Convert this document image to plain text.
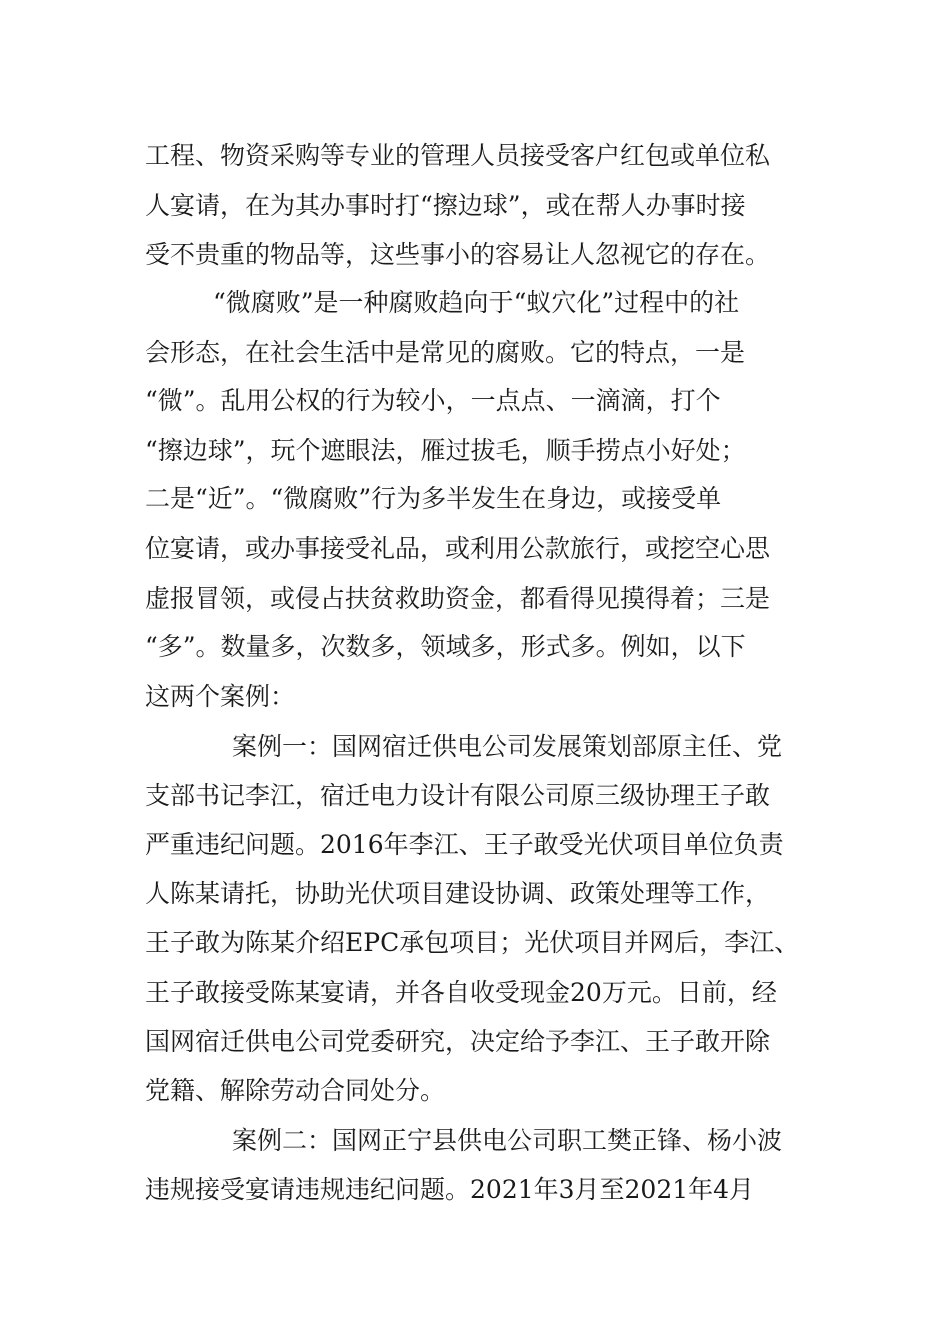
工程、物资采购等专业的管理人员接受客户红包或单位私
人宴请，在为其办事时打“擦边球”，或在帮人办事时接
受不贵重的物品等，这些事小的容易让人忽视它的存在。
“微腐败”是一种腐败趋向于“蚁穴化”过程中的社
会形态，在社会生活中是常见的腐败。它的特点，一是
“微”。乱用公权的行为较小，一点点、一滴滴，打个
“擦边球”，玩个遮眼法，雁过拔毛，顺手捞点小好处；
二是“近”。“微腐败”行为多半发生在身边，或接受单
位宴请，或办事接受礼品，或利用公款旅行，或挖空心思
虚报冒领，或侵占扶贫救助资金，都看得见摸得着；三是
“多”。数量多，次数多，领域多，形式多。例如，以下
这两个案例：
案例一：国网宿迁供电公司发展策划部原主任、党
支部书记李江，宿迁电力设计有限公司原三级协理王子敢
严重违纪问题。2016年李江、王子敢受光伏项目单位负责
人陈某请托，协助光伏项目建设协调、政策处理等工作，
王子敢为陈某介绍EPC承包项目；光伏项目并网后，李江、
王子敢接受陈某宴请，并各自收受现金20万元。日前，经
国网宿迁供电公司党委研究，决定给予李江、王子敢开除
党籍、解除劳动合同处分。
案例二：国网正宁县供电公司职工樊正锋、杨小波
违规接受宴请违规违纪问题。2021年3月至2021年4月
